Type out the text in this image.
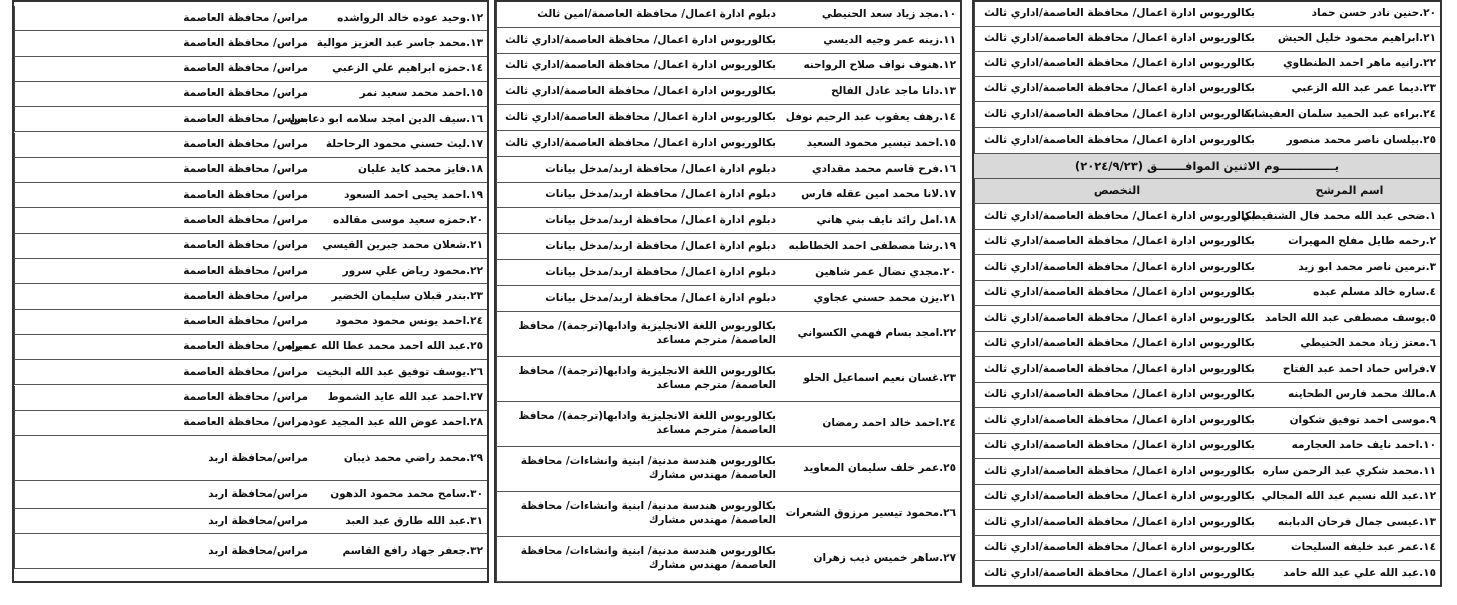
١٢.وحيد عوده خالد الرواشده
مراس/ محافظة العاصمة
١٣.محمد جاسر عبد العزيز موالية
مراس/ محافظة العاصمة
١٤.حمزه ابراهيم علي الزعبي
مراس/ محافظة العاصمة
١٥.احمد محمد سعيد نمر
مراس/ محافظة العاصمة
١٦.سيف الدين امجد سلامه ابو دعابس
مراس/ محافظة العاصمة
١٧.ليث حسني محمود الرحاحلة
مراس/ محافظة العاصمة
١٨.فايز محمد كايد عليان
مراس/ محافظة العاصمة
١٩.احمد يحيى احمد السعود
مراس/ محافظة العاصمة
٢٠.حمزه سعيد موسى مقالده
مراس/ محافظة العاصمة
٢١.شعلان محمد جبرين القيسي
مراس/ محافظة العاصمة
٢٢.محمود رياض علي سرور
مراس/ محافظة العاصمة
٢٣.بندر قبلان سليمان الخضير
مراس/ محافظة العاصمة
٢٤.احمد يونس محمود محمود
مراس/ محافظة العاصمة
٢٥.عبد الله احمد محمد عطا الله عميره
مراس/ محافظة العاصمة
٢٦.يوسف توفيق عبد الله البخيت
مراس/ محافظة العاصمة
٢٧.احمد عبد الله عايد الشموط
مراس/ محافظة العاصمة
٢٨.احمد عوض الله عبد المجيد عوده
مراس/ محافظة العاصمة
٢٩.محمد راضي محمد ذيبان
مراس/محافظة اربد
٣٠.سامح محمد محمود الدهون
مراس/محافظة اربد
٣١.عبد الله طارق عبد العبد
مراس/محافظة اربد
٣٢.جعفر جهاد رافع القاسم
مراس/محافظة اربد
١٠.مجد زياد سعد الحنيطي
دبلوم ادارة اعمال/ محافظة العاصمة/امين ثالث
١١.زينه عمر وجيه الديسي
بكالوريوس ادارة اعمال/ محافظة العاصمة/اداري ثالث
١٢.هنوف نواف صلاح الرواحنه
بكالوريوس ادارة اعمال/ محافظة العاصمة/اداري ثالث
١٣.دانا ماجد عادل الفالح
بكالوريوس ادارة اعمال/ محافظة العاصمة/اداري ثالث
١٤.رهف يعقوب عبد الرحيم نوفل
بكالوريوس ادارة اعمال/ محافظة العاصمة/اداري ثالث
١٥.احمد تيسير محمود السعيد
بكالوريوس ادارة اعمال/ محافظة العاصمة/اداري ثالث
١٦.فرح قاسم محمد مقدادي
دبلوم ادارة اعمال/ محافظة اربد/مدخل بيانات
١٧.لانا محمد امين عقله فارس
دبلوم ادارة اعمال/ محافظة اربد/مدخل بيانات
١٨.امل رائد نايف بني هاني
دبلوم ادارة اعمال/ محافظة اربد/مدخل بيانات
١٩.رشا مصطفى احمد الخطاطبه
دبلوم ادارة اعمال/ محافظة اربد/مدخل بيانات
٢٠.مجدي نضال عمر شاهين
دبلوم ادارة اعمال/ محافظة اربد/مدخل بيانات
٢١.يزن محمد حسني عجاوي
دبلوم ادارة اعمال/ محافظة اربد/مدخل بيانات
٢٢.امجد بسام فهمي الكسواني
بكالوريوس اللغة الانجليزية وادابها(ترجمة)/ محافظ العاصمة/ مترجم مساعد
٢٣.غسان نعيم اسماعيل الحلو
بكالوريوس اللغة الانجليزية وادابها(ترجمة)/ محافظ العاصمة/ مترجم مساعد
٢٤.احمد خالد احمد رمضان
بكالوريوس اللغة الانجليزية وادابها(ترجمة)/ محافظ العاصمة/ مترجم مساعد
٢٥.عمر خلف سليمان المعاويد
بكالوريوس هندسة مدنية/ ابنية وانشاءات/ محافظة العاصمة/ مهندس مشارك
٢٦.محمود تيسير مرزوق الشعرات
بكالوريوس هندسة مدنية/ ابنية وانشاءات/ محافظة العاصمة/ مهندس مشارك
٢٧.ساهر خميس ذيب زهران
بكالوريوس هندسة مدنية/ ابنية وانشاءات/ محافظة العاصمة/ مهندس مشارك
٢٠.حنين نادر حسن حماد
بكالوريوس ادارة اعمال/ محافظة العاصمة/اداري ثالث
٢١.ابراهيم محمود خليل الحيش
بكالوريوس ادارة اعمال/ محافظة العاصمة/اداري ثالث
٢٢.رانيه ماهر احمد الطنطاوي
بكالوريوس ادارة اعمال/ محافظة العاصمة/اداري ثالث
٢٣.ديما عمر عبد الله الزعبي
بكالوريوس ادارة اعمال/ محافظة العاصمة/اداري ثالث
٢٤.براءه عبد الحميد سلمان العفيشات
بكالوريوس ادارة اعمال/ محافظة العاصمة/اداري ثالث
٢٥.بيلسان ناصر محمد منصور
بكالوريوس ادارة اعمال/ محافظة العاصمة/اداري ثالث
يــــــــــــــوم الاثنين الموافـــــــق (٢٠٢٤/٩/٢٣)
اسم المرشح
التخصص
١.ضحى عبد الله محمد فال الشنقيطي
بكالوريوس ادارة اعمال/ محافظة العاصمة/اداري ثالث
٢.رحمه طايل مفلح المهيرات
بكالوريوس ادارة اعمال/ محافظة العاصمة/اداري ثالث
٣.نرمين ناصر محمد ابو زيد
بكالوريوس ادارة اعمال/ محافظة العاصمة/اداري ثالث
٤.ساره خالد مسلم عبده
بكالوريوس ادارة اعمال/ محافظة العاصمة/اداري ثالث
٥.يوسف مصطفى عبد الله الحامد
بكالوريوس ادارة اعمال/ محافظة العاصمة/اداري ثالث
٦.معتز زياد محمد الحنيطي
بكالوريوس ادارة اعمال/ محافظة العاصمة/اداري ثالث
٧.فراس حماد احمد عبد الفتاح
بكالوريوس ادارة اعمال/ محافظة العاصمة/اداري ثالث
٨.مالك محمد فارس الطحاينه
بكالوريوس ادارة اعمال/ محافظة العاصمة/اداري ثالث
٩.موسى احمد توفيق شكوان
بكالوريوس ادارة اعمال/ محافظة العاصمة/اداري ثالث
١٠.احمد نايف حامد العجارمه
بكالوريوس ادارة اعمال/ محافظة العاصمة/اداري ثالث
١١.محمد شكري عبد الرحمن ساره
بكالوريوس ادارة اعمال/ محافظة العاصمة/اداري ثالث
١٢.عبد الله نسيم عبد الله المجالي
بكالوريوس ادارة اعمال/ محافظة العاصمة/اداري ثالث
١٣.عيسى جمال فرحان الدبابنه
بكالوريوس ادارة اعمال/ محافظة العاصمة/اداري ثالث
١٤.عمر عبد خليفه السليحات
بكالوريوس ادارة اعمال/ محافظة العاصمة/اداري ثالث
١٥.عبد الله علي عبد الله حامد
بكالوريوس ادارة اعمال/ محافظة العاصمة/اداري ثالث
